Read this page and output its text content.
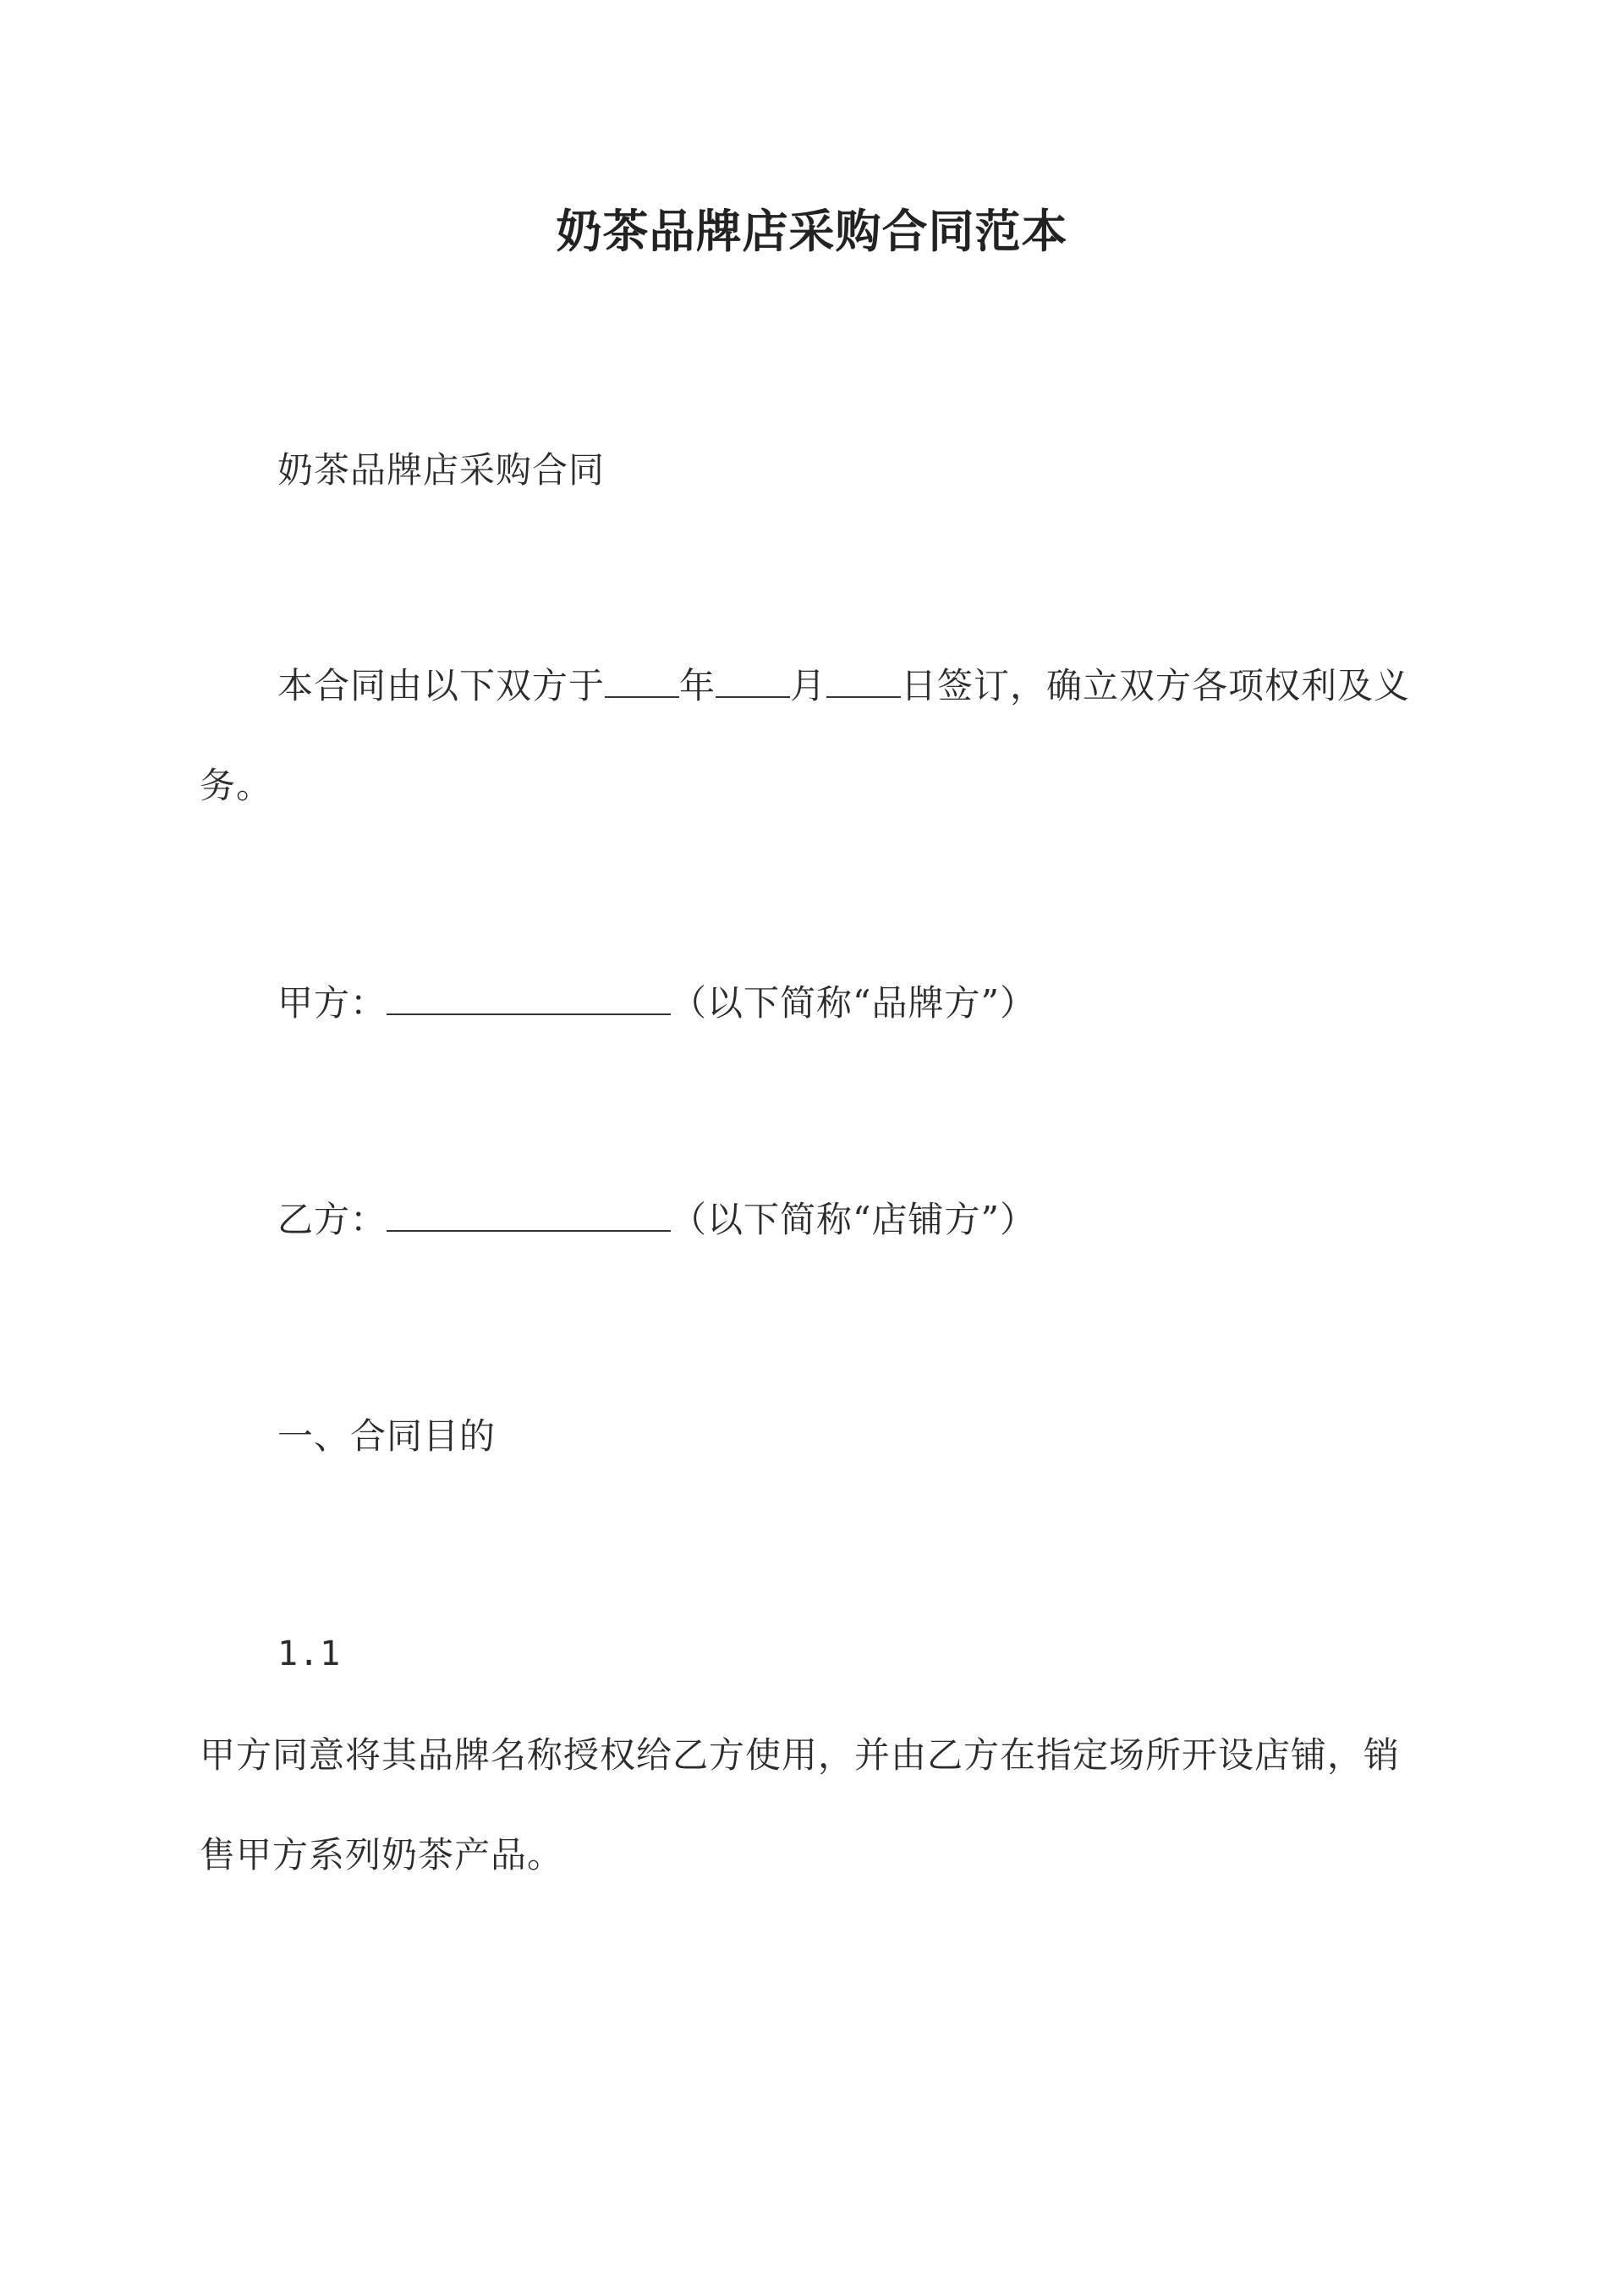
奶茶品牌店采购合同范本
奶茶品牌店采购合同
本合同由以下双方于 年 月 日签订，确立双方各项权利及义务。
甲方：	（以下简称“品牌方”）
乙方：	（以下简称“店铺方”）
一、合同目的
1.1
甲方同意将其品牌名称授权给乙方使用，并由乙方在指定场所开设店铺，销售甲方系列奶茶产品。
